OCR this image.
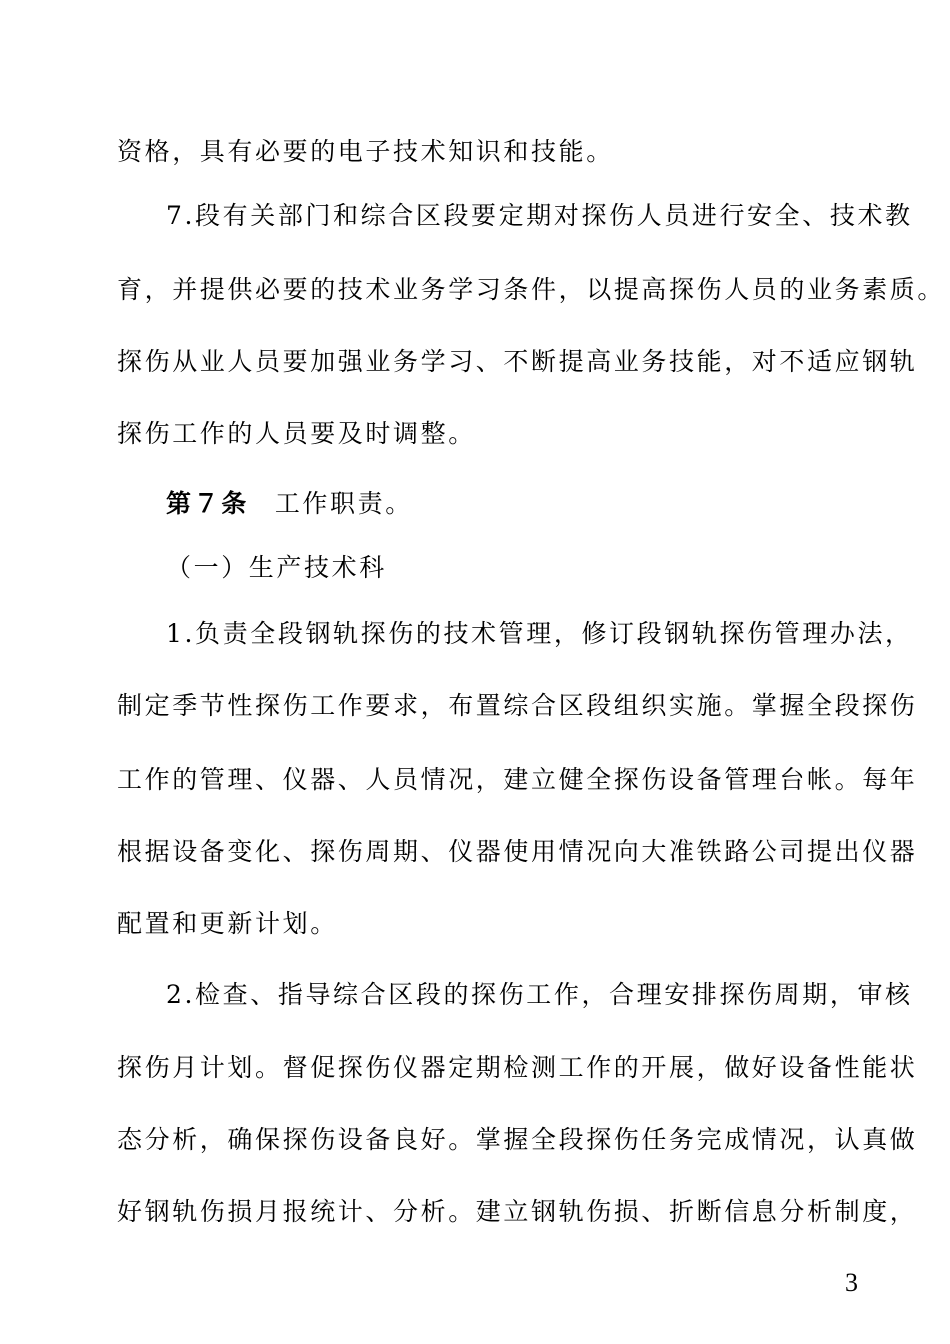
资格，具有必要的电子技术知识和技能。

7.段有关部门和综合区段要定期对探伤人员进行安全、技术教

育，并提供必要的技术业务学习条件，以提高探伤人员的业务素质。

探伤从业人员要加强业务学习、不断提高业务技能，对不适应钢轨

探伤工作的人员要及时调整。

第７条 工作职责。

（一）生产技术科

1.负责全段钢轨探伤的技术管理，修订段钢轨探伤管理办法，

制定季节性探伤工作要求，布置综合区段组织实施。掌握全段探伤

工作的管理、仪器、人员情况，建立健全探伤设备管理台帐。每年

根据设备变化、探伤周期、仪器使用情况向大准铁路公司提出仪器

配置和更新计划。

2.检查、指导综合区段的探伤工作，合理安排探伤周期，审核

探伤月计划。督促探伤仪器定期检测工作的开展，做好设备性能状

态分析，确保探伤设备良好。掌握全段探伤任务完成情况，认真做

好钢轨伤损月报统计、分析。建立钢轨伤损、折断信息分析制度，

3
